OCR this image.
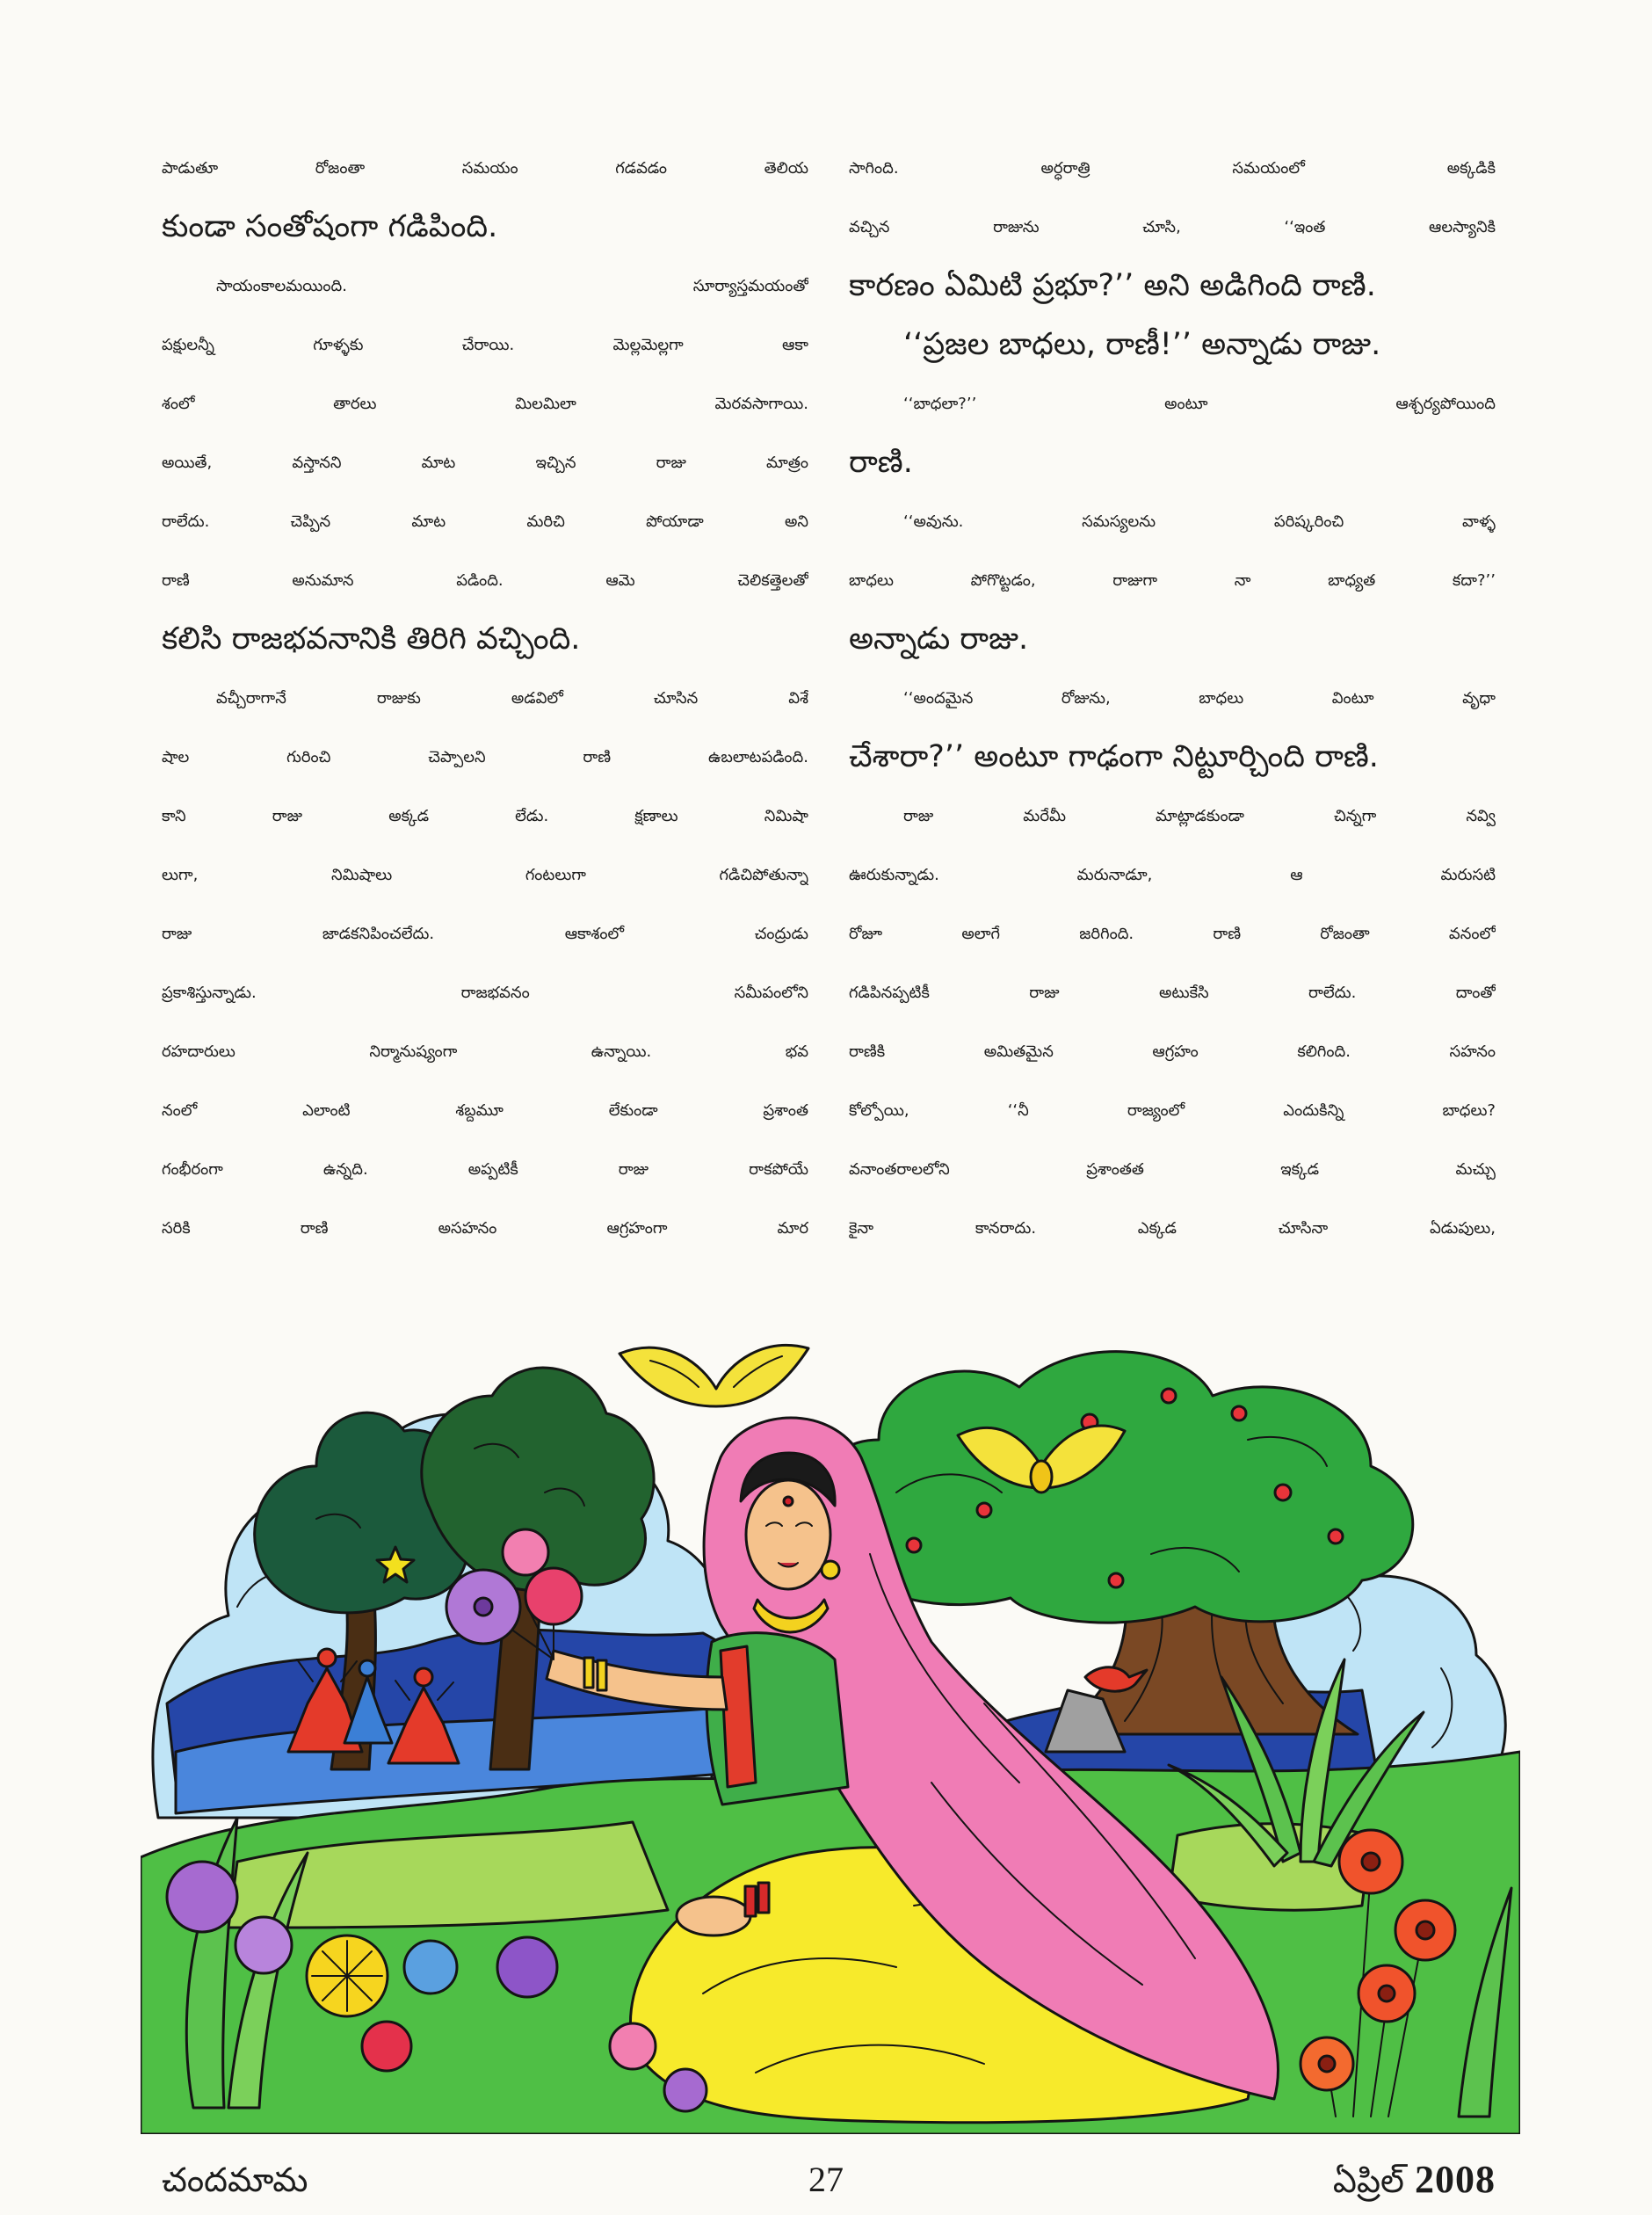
పాడుతూ రోజంతా సమయం గడవడం తెలియ
కుండా సంతోషంగా గడిపింది.
సాయంకాలమయింది. సూర్యాస్తమయంతో
పక్షులన్నీ గూళ్ళకు చేరాయి. మెల్లమెల్లగా ఆకా
శంలో తారలు మిలమిలా మెరవసాగాయి.
అయితే, వస్తానని మాట ఇచ్చిన రాజు మాత్రం
రాలేదు. చెప్పిన మాట మరిచి పోయాడా అని
రాణి అనుమాన పడింది. ఆమె చెలికత్తెలతో
కలిసి రాజభవనానికి తిరిగి వచ్చింది.
వచ్చీరాగానే రాజుకు అడవిలో చూసిన విశే
షాల గురించి చెప్పాలని రాణి ఉబలాటపడింది.
కాని రాజు అక్కడ లేడు. క్షణాలు నిమిషా
లుగా, నిమిషాలు గంటలుగా గడిచిపోతున్నా
రాజు జాడకనిపించలేదు. ఆకాశంలో చంద్రుడు
ప్రకాశిస్తున్నాడు. రాజభవనం సమీపంలోని
రహదారులు నిర్మానుష్యంగా ఉన్నాయి. భవ
నంలో ఎలాంటి శబ్దమూ లేకుండా ప్రశాంత
గంభీరంగా ఉన్నది. అప్పటికీ రాజు రాకపోయే
సరికి రాణి అసహనం ఆగ్రహంగా మార
సాగింది. అర్ధరాత్రి సమయంలో అక్కడికి
వచ్చిన రాజును చూసి, ‘‘ఇంత ఆలస్యానికి
కారణం ఏమిటి ప్రభూ?’’ అని అడిగింది రాణి.
‘‘ప్రజల బాధలు, రాణీ!’’ అన్నాడు రాజు.
‘‘బాధలా?’’ అంటూ ఆశ్చర్యపోయింది
రాణి.
‘‘అవును. సమస్యలను పరిష్కరించి వాళ్ళ
బాధలు పోగొట్టడం, రాజుగా నా బాధ్యత కదా?’’
అన్నాడు రాజు.
‘‘అందమైన రోజును, బాధలు వింటూ వృధా
చేశారా?’’ అంటూ గాఢంగా నిట్టూర్చింది రాణి.
రాజు మరేమీ మాట్లాడకుండా చిన్నగా నవ్వి
ఊరుకున్నాడు. మరునాడూ, ఆ మరుసటి
రోజూ అలాగే జరిగింది. రాణి రోజంతా వనంలో
గడిపినప్పటికీ రాజు అటుకేసి రాలేదు. దాంతో
రాణికి అమితమైన ఆగ్రహం కలిగింది. సహనం
కోల్పోయి, ‘‘నీ రాజ్యంలో ఎందుకిన్ని బాధలు?
వనాంతరాలలోని ప్రశాంతత ఇక్కడ మచ్చు
కైనా కానరాదు. ఎక్కడ చూసినా ఏడుపులు,
చందమామ	27	ఏప్రిల్ 2008
